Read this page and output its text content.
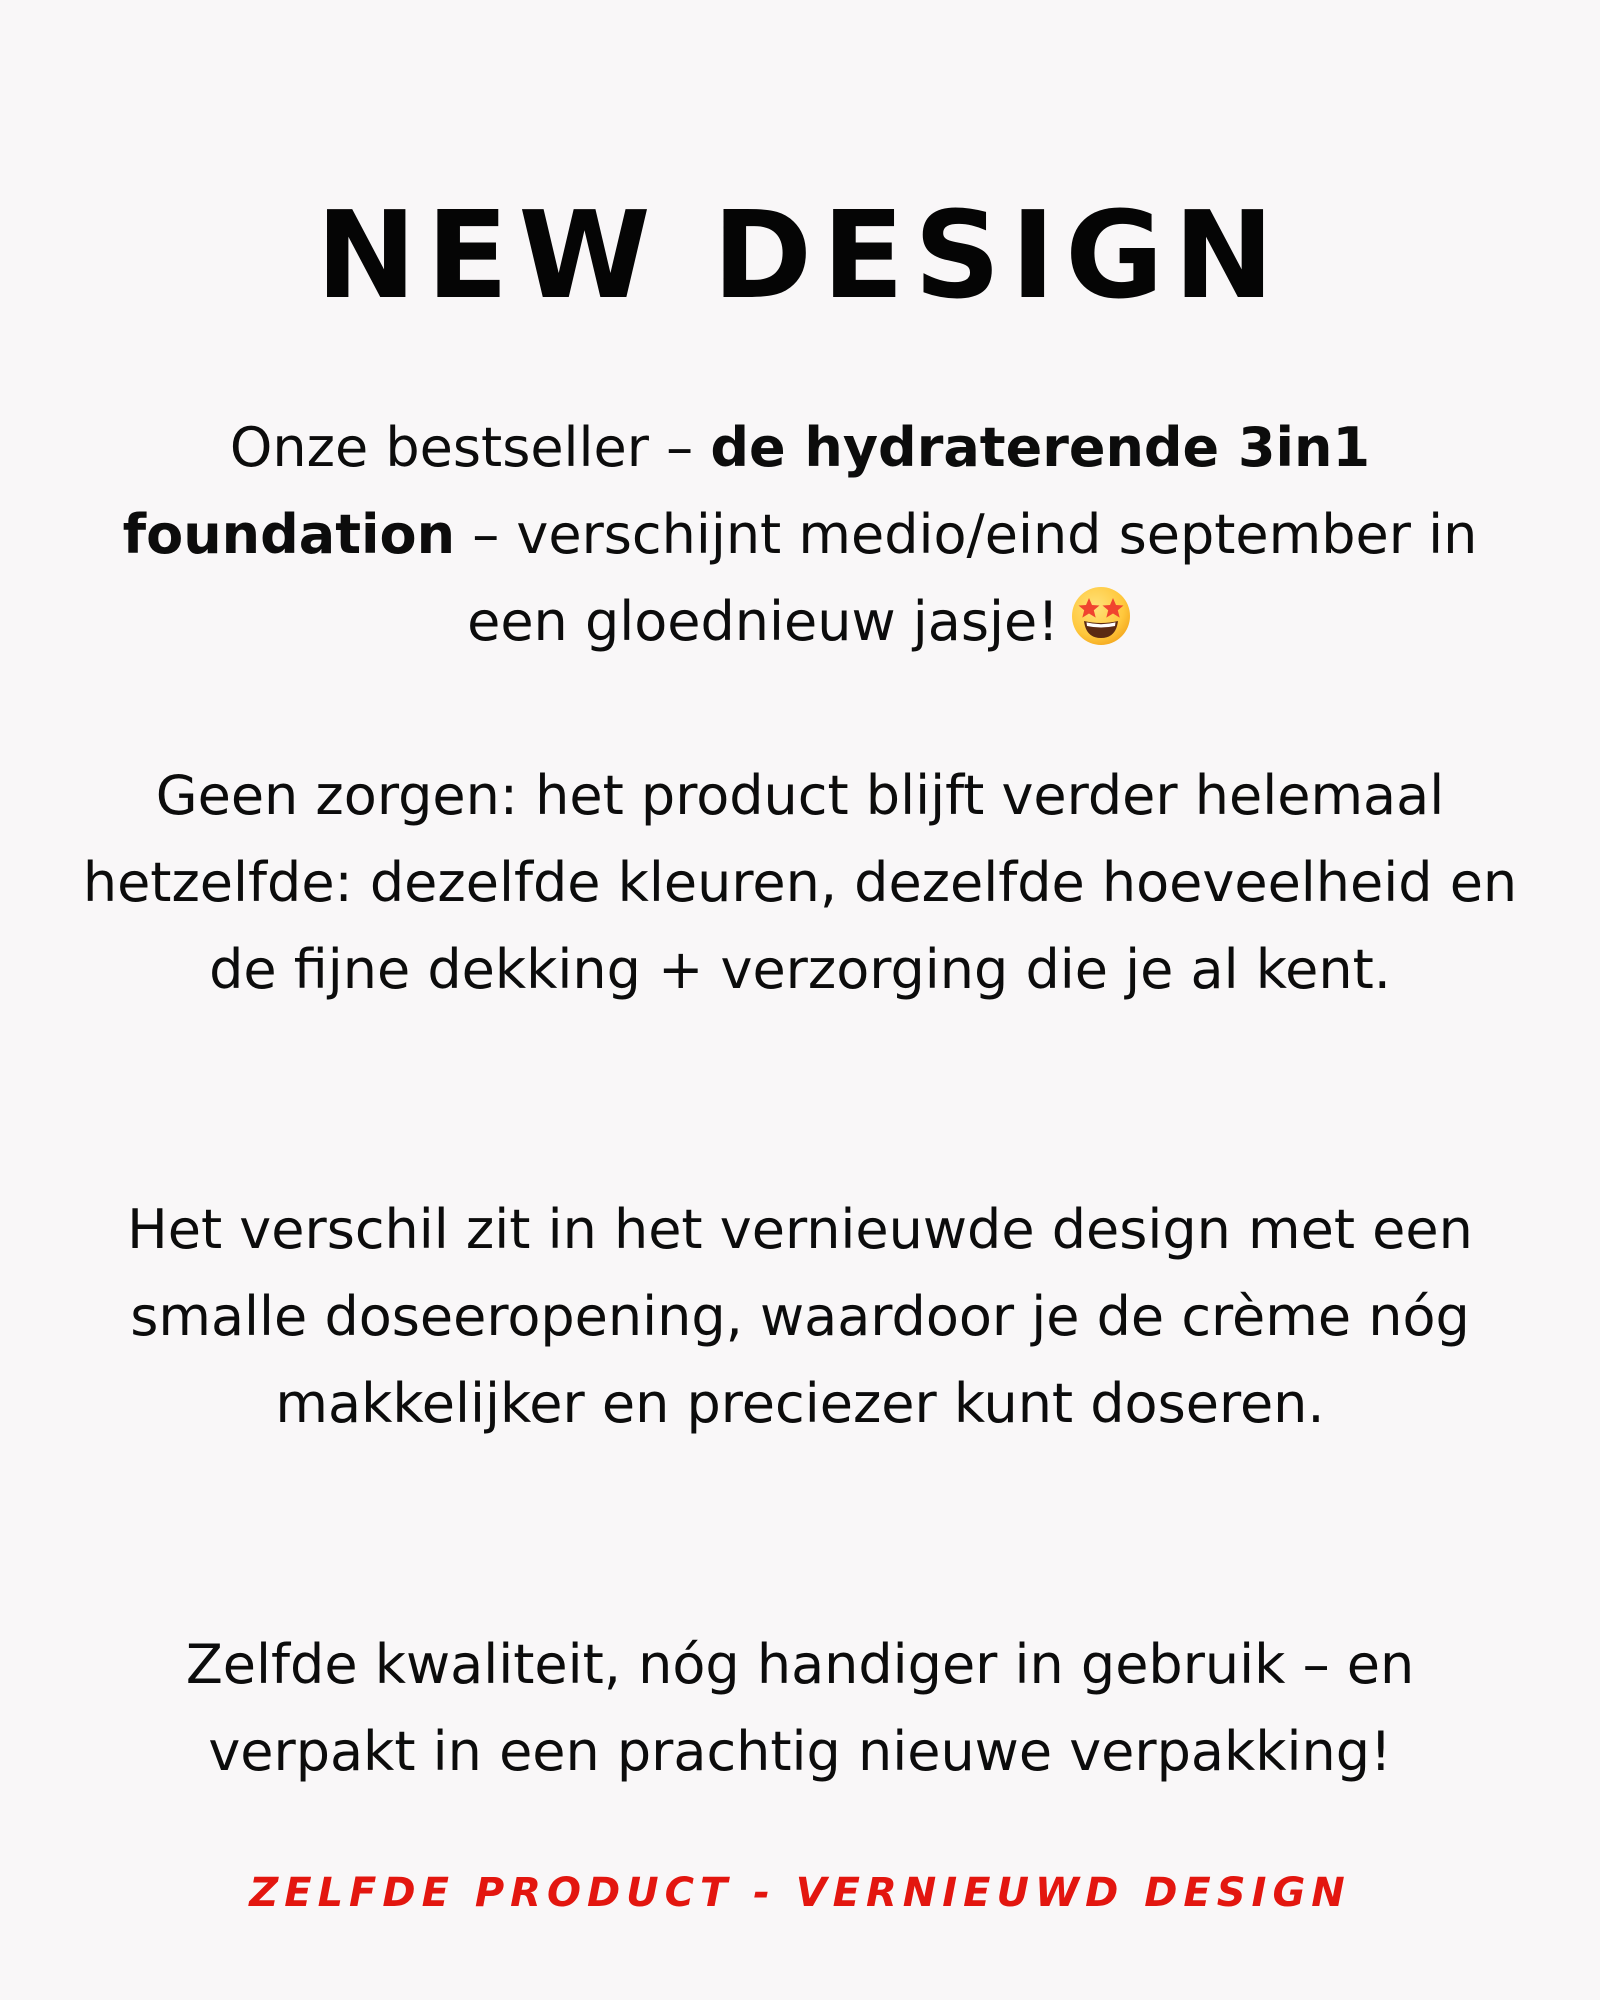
NEW DESIGN

Onze bestseller – de hydraterende 3in1 foundation – verschijnt medio/eind september in een gloednieuw jasje!

Geen zorgen: het product blijft verder helemaal hetzelfde: dezelfde kleuren, dezelfde hoeveelheid en de fijne dekking + verzorging die je al kent.

Het verschil zit in het vernieuwde design met een smalle doseeropening, waardoor je de crème nóg makkelijker en preciezer kunt doseren.

Zelfde kwaliteit, nóg handiger in gebruik – en verpakt in een prachtig nieuwe verpakking!

ZELFDE PRODUCT - VERNIEUWD DESIGN
